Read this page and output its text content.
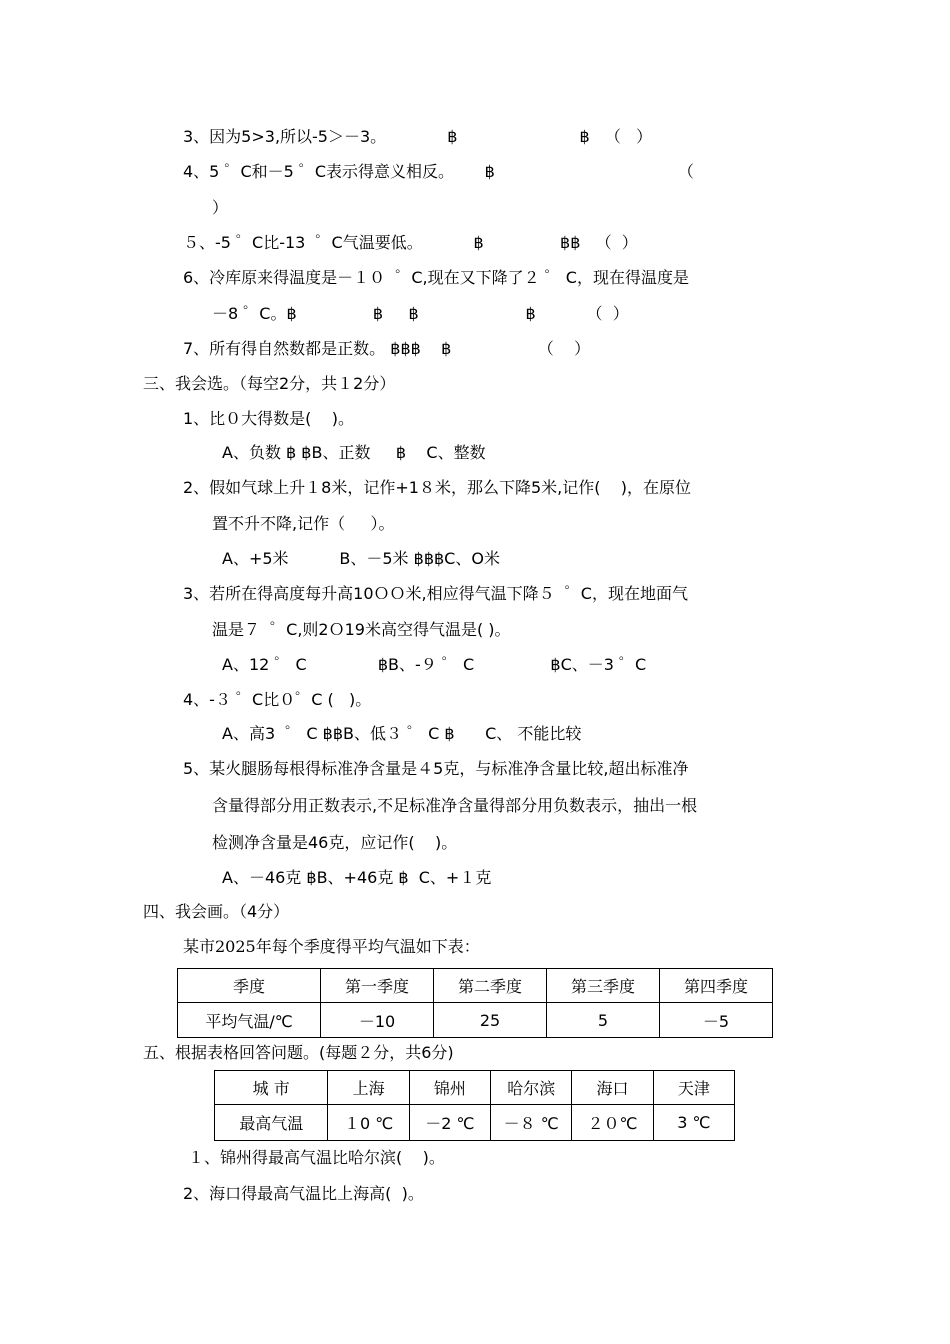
3、因为5>3,所以-5＞－3。            ฿                        ฿   （   ）
4、5 ゜C和－5 ゜C表示得意义相反。      ฿                                    （
）
５、-5 ゜C比-13  ゜C气温要低。          ฿               ฿฿   （  ）
6、冷库原来得温度是－１０  ゜C,现在又下降了２ ゜ C，现在得温度是
－8 ゜C。฿               ฿     ฿                     ฿          （  ）
7、所有得自然数都是正数。 ฿฿฿    ฿                 （    ）
三、我会选。（每空2分，共１2分）
1、比０大得数是(    )。
A、负数 ฿ ฿B、正数     ฿    C、整数
2、假如气球上升１8米，记作+1８米，那么下降5米,记作(    )，在原位
置不升不降,记作（     ）。
A、+5米          B、－5米 ฿฿฿C、O米
3、若所在得高度每升高10ＯＯ米,相应得气温下降５  ゜C，现在地面气
温是７  ゜C,则2Ｏ19米高空得气温是( )。
A、12 ゜ C              ฿B、-９ ゜ C               ฿C、－3 ゜C
4、-３ ゜C比０゜C (   )。
A、高3  ゜ C ฿฿B、低３ ゜ C ฿      C、 不能比较
5、某火腿肠每根得标准净含量是４5克，与标准净含量比较,超出标准净
含量得部分用正数表示,不足标准净含量得部分用负数表示，抽出一根
检测净含量是46克，应记作(    )。
A、－46克 ฿B、+46克 ฿  C、+１克
四、我会画。（4分）
某市2025年每个季度得平均气温如下表：
季度	第一季度	第二季度	第三季度	第四季度
平均气温/℃	－10	25	5	－5
五、根据表格回答问题。(每题２分，共6分)
城 市	上海	锦州	哈尔滨	海口	天津
最高气温	１0 ℃	－2 ℃	－８ ℃	２０℃	3 ℃
１、锦州得最高气温比哈尔滨(    )。
2、海口得最高气温比上海高(  )。
